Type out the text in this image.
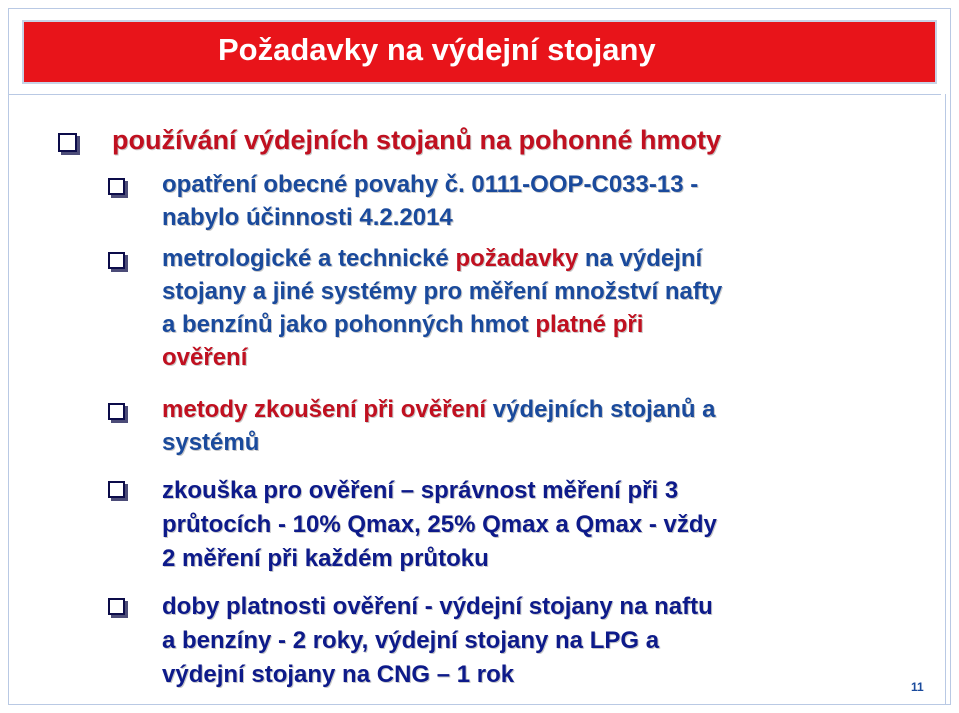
Požadavky na výdejní stojany
používání výdejních stojanů na pohonné hmoty
opatření obecné povahy č. 0111-OOP-C033-13 -
nabylo účinnosti 4.2.2014
metrologické a technické požadavky na výdejní
stojany a jiné systémy pro měření množství nafty
a benzínů jako pohonných hmot platné při
ověření
metody zkoušení při ověření výdejních stojanů a
systémů
zkouška pro ověření – správnost měření při 3
průtocích - 10% Qmax, 25% Qmax a Qmax - vždy
2 měření při každém průtoku
doby platnosti ověření - výdejní stojany na naftu
a benzíny - 2 roky, výdejní stojany na LPG a
výdejní stojany na CNG – 1 rok	11
